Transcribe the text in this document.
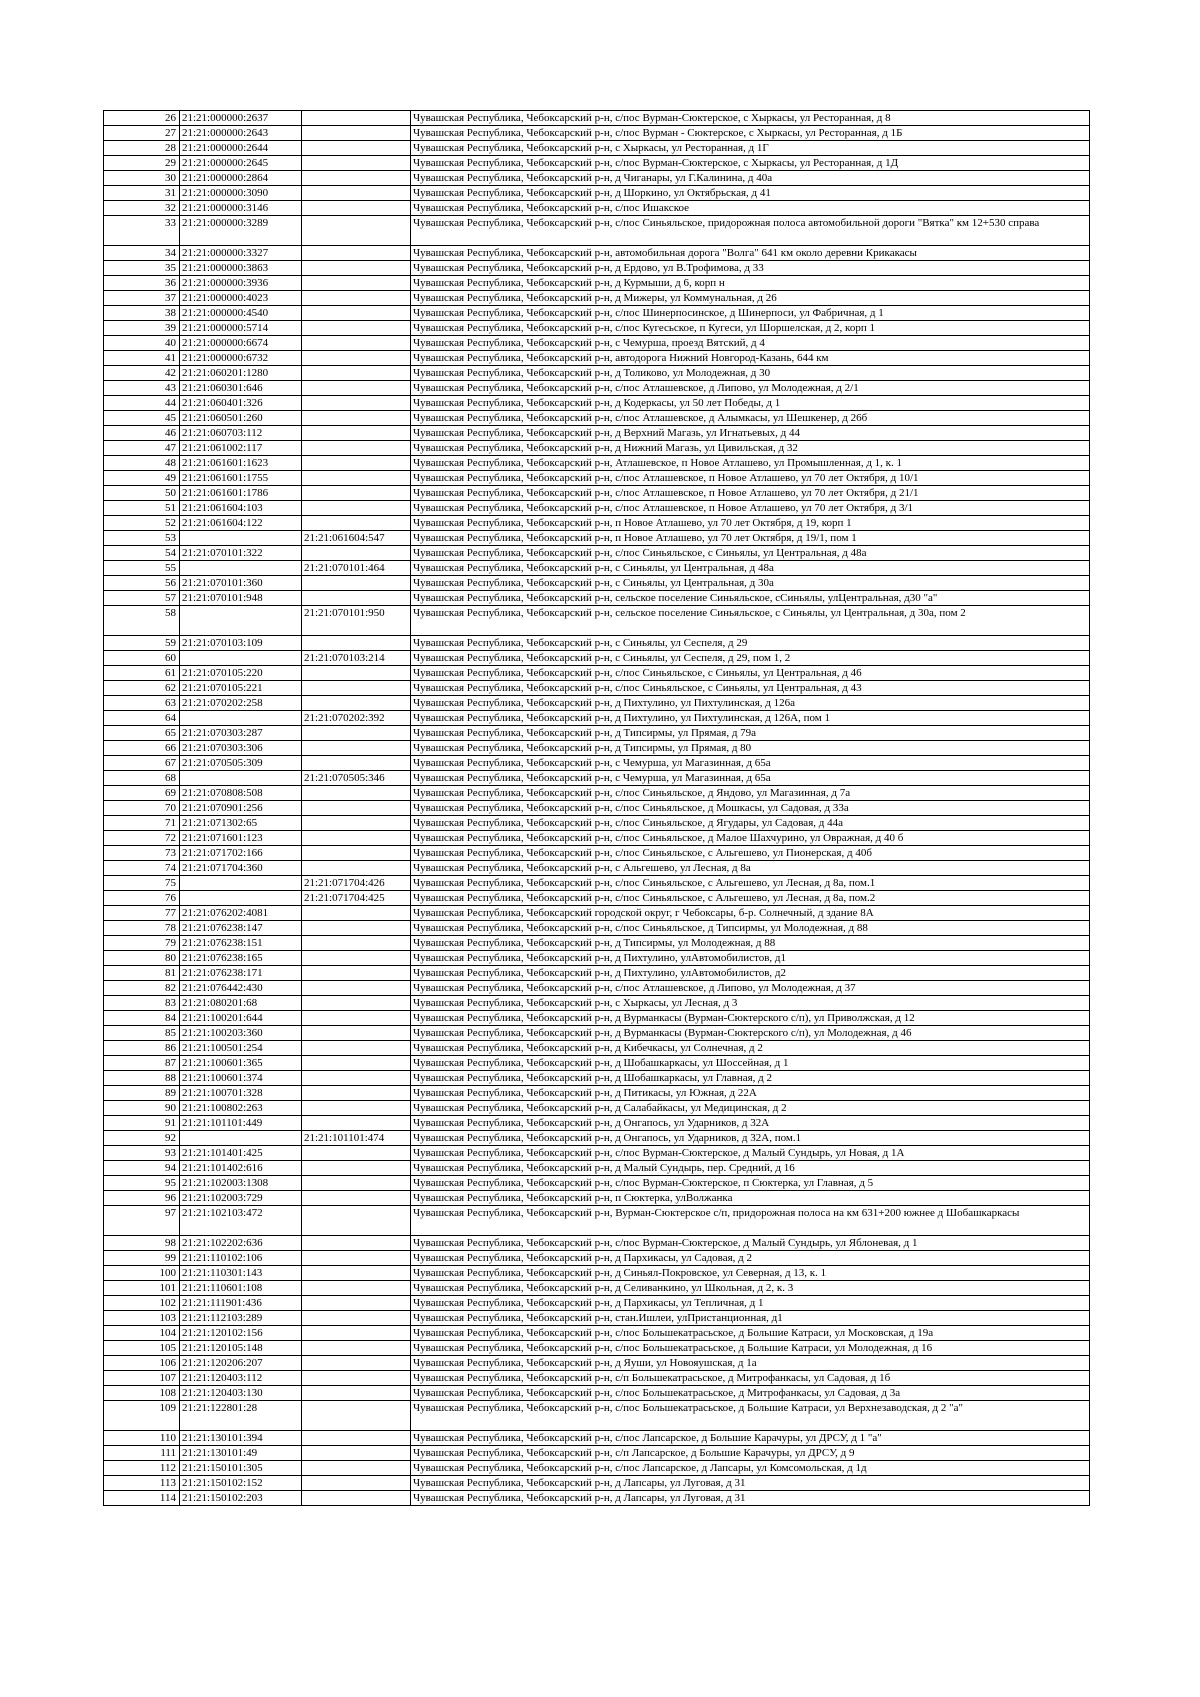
26	21:21:000000:2637		Чувашская Республика, Чебоксарский р-н, с/пос Вурман-Сюктерское, с Хыркасы, ул Ресторанная, д 8
27	21:21:000000:2643		Чувашская Республика, Чебоксарский р-н, с/пос Вурман - Сюктерское, с Хыркасы, ул Ресторанная, д 1Б
28	21:21:000000:2644		Чувашская Республика, Чебоксарский р-н, с Хыркасы, ул Ресторанная, д 1Г
29	21:21:000000:2645		Чувашская Республика, Чебоксарский р-н, с/пос Вурман-Сюктерское, с Хыркасы, ул Ресторанная, д 1Д
30	21:21:000000:2864		Чувашская Республика, Чебоксарский р-н, д Чиганары, ул Г.Калинина, д 40а
31	21:21:000000:3090		Чувашская Республика, Чебоксарский р-н, д Шоркино, ул Октябрьская, д 41
32	21:21:000000:3146		Чувашская Республика, Чебоксарский р-н, с/пос Ишакское
33	21:21:000000:3289		Чувашская Республика, Чебоксарский р-н, с/пос Синьяльское, придорожная полоса автомобильной дороги "Вятка" км 12+530 справа
34	21:21:000000:3327		Чувашская Республика, Чебоксарский р-н, автомобильная дорога "Волга" 641 км около деревни Крикакасы
35	21:21:000000:3863		Чувашская Республика, Чебоксарский р-н, д Ердово, ул В.Трофимова, д 33
36	21:21:000000:3936		Чувашская Республика, Чебоксарский р-н, д Курмыши, д 6, корп н
37	21:21:000000:4023		Чувашская Республика, Чебоксарский р-н, д Мижеры, ул Коммунальная, д 26
38	21:21:000000:4540		Чувашская Республика, Чебоксарский р-н, с/пос Шинерпосинское, д Шинерпоси, ул Фабричная, д 1
39	21:21:000000:5714		Чувашская Республика, Чебоксарский р-н, с/пос Кугесьское, п Кугеси, ул Шоршелская, д 2, корп 1
40	21:21:000000:6674		Чувашская Республика, Чебоксарский р-н, с Чемурша, проезд Вятский, д 4
41	21:21:000000:6732		Чувашская Республика, Чебоксарский р-н, автодорога Нижний Новгород-Казань, 644 км
42	21:21:060201:1280		Чувашская Республика, Чебоксарский р-н, д Толиково, ул Молодежная, д 30
43	21:21:060301:646		Чувашская Республика, Чебоксарский р-н, с/пос Атлашевское, д Липово, ул Молодежная, д 2/1
44	21:21:060401:326		Чувашская Республика, Чебоксарский р-н, д Кодеркасы, ул 50 лет Победы, д 1
45	21:21:060501:260		Чувашская Республика, Чебоксарский р-н, с/пос Атлашевское, д Алымкасы, ул Шешкенер, д 26б
46	21:21:060703:112		Чувашская Республика, Чебоксарский р-н, д Верхний Магазь, ул Игнатьевых, д 44
47	21:21:061002:117		Чувашская Республика, Чебоксарский р-н, д Нижний Магазь, ул Цивильская, д 32
48	21:21:061601:1623		Чувашская Республика, Чебоксарский р-н, Атлашевское, п Новое Атлашево, ул Промышленная, д 1, к. 1
49	21:21:061601:1755		Чувашская Республика, Чебоксарский р-н, с/пос Атлашевское, п Новое Атлашево, ул 70 лет Октября, д 10/1
50	21:21:061601:1786		Чувашская Республика, Чебоксарский р-н, с/пос Атлашевское, п Новое Атлашево, ул 70 лет Октября, д 21/1
51	21:21:061604:103		Чувашская Республика, Чебоксарский р-н, с/пос Атлашевское, п Новое Атлашево, ул 70 лет Октября, д 3/1
52	21:21:061604:122		Чувашская Республика, Чебоксарский р-н, п Новое Атлашево, ул 70 лет Октября, д 19, корп 1
53		21:21:061604:547	Чувашская Республика, Чебоксарский р-н, п Новое Атлашево, ул 70 лет Октября, д 19/1, пом 1
54	21:21:070101:322		Чувашская Республика, Чебоксарский р-н, с/пос Синьяльское, с Синьялы, ул Центральная, д 48а
55		21:21:070101:464	Чувашская Республика, Чебоксарский р-н, с Синьялы, ул Центральная, д 48а
56	21:21:070101:360		Чувашская Республика, Чебоксарский р-н, с Синьялы, ул Центральная, д 30а
57	21:21:070101:948		Чувашская Республика, Чебоксарский р-н, сельское поселение Синьяльское, сСиньялы, улЦентральная, д30 "а"
58		21:21:070101:950	Чувашская Республика, Чебоксарский р-н, сельское поселение Синьяльское, с Синьялы, ул Центральная, д 30а, пом 2
59	21:21:070103:109		Чувашская Республика, Чебоксарский р-н, с Синьялы, ул Сеспеля, д 29
60		21:21:070103:214	Чувашская Республика, Чебоксарский р-н, с Синьялы, ул Сеспеля, д 29, пом 1, 2
61	21:21:070105:220		Чувашская Республика, Чебоксарский р-н, с/пос Синьяльское, с Синьялы, ул Центральная, д 46
62	21:21:070105:221		Чувашская Республика, Чебоксарский р-н, с/пос Синьяльское, с Синьялы, ул Центральная, д 43
63	21:21:070202:258		Чувашская Республика, Чебоксарский р-н, д Пихтулино, ул Пихтулинская, д 126а
64		21:21:070202:392	Чувашская Республика, Чебоксарский р-н, д Пихтулино, ул Пихтулинская, д 126А, пом 1
65	21:21:070303:287		Чувашская Республика, Чебоксарский р-н, д Типсирмы, ул Прямая, д 79а
66	21:21:070303:306		Чувашская Республика, Чебоксарский р-н, д Типсирмы, ул Прямая, д 80
67	21:21:070505:309		Чувашская Республика, Чебоксарский р-н, с Чемурша, ул Магазинная, д 65а
68		21:21:070505:346	Чувашская Республика, Чебоксарский р-н, с Чемурша, ул Магазинная, д 65а
69	21:21:070808:508		Чувашская Республика, Чебоксарский р-н, с/пос Синьяльское, д Яндово, ул Магазинная, д 7а
70	21:21:070901:256		Чувашская Республика, Чебоксарский р-н, с/пос Синьяльское, д Мошкасы, ул Садовая, д 33а
71	21:21:071302:65		Чувашская Республика, Чебоксарский р-н, с/пос Синьяльское, д Ягудары, ул Садовая, д 44а
72	21:21:071601:123		Чувашская Республика, Чебоксарский р-н, с/пос Синьяльское, д Малое Шахчурино, ул Овражная, д 40 б
73	21:21:071702:166		Чувашская Республика, Чебоксарский р-н, с/пос Синьяльское, с Альгешево, ул Пионерская, д 40б
74	21:21:071704:360		Чувашская Республика, Чебоксарский р-н, с Альгешево, ул Лесная, д 8а
75		21:21:071704:426	Чувашская Республика, Чебоксарский р-н, с/пос Синьяльское, с Альгешево, ул Лесная, д 8а, пом.1
76		21:21:071704:425	Чувашская Республика, Чебоксарский р-н, с/пос Синьяльское, с Альгешево, ул Лесная, д 8а, пом.2
77	21:21:076202:4081		Чувашская Республика, Чебоксарский городской округ, г Чебоксары, б-р. Солнечный, д здание 8А
78	21:21:076238:147		Чувашская Республика, Чебоксарский р-н, с/пос Синьяльское, д Типсирмы, ул Молодежная, д 88
79	21:21:076238:151		Чувашская Республика, Чебоксарский р-н, д Типсирмы, ул Молодежная, д 88
80	21:21:076238:165		Чувашская Республика, Чебоксарский р-н, д Пихтулино, улАвтомобилистов, д1
81	21:21:076238:171		Чувашская Республика, Чебоксарский р-н, д Пихтулино, улАвтомобилистов, д2
82	21:21:076442:430		Чувашская Республика, Чебоксарский р-н, с/пос Атлашевское, д Липово, ул Молодежная, д 37
83	21:21:080201:68		Чувашская Республика, Чебоксарский р-н, с Хыркасы, ул Лесная, д 3
84	21:21:100201:644		Чувашская Республика, Чебоксарский р-н, д Вурманкасы (Вурман-Сюктерского с/п), ул Приволжская, д 12
85	21:21:100203:360		Чувашская Республика, Чебоксарский р-н, д Вурманкасы (Вурман-Сюктерского с/п), ул Молодежная, д 46
86	21:21:100501:254		Чувашская Республика, Чебоксарский р-н, д Кибечкасы, ул Солнечная, д 2
87	21:21:100601:365		Чувашская Республика, Чебоксарский р-н, д Шобашкаркасы, ул Шоссейная, д 1
88	21:21:100601:374		Чувашская Республика, Чебоксарский р-н, д Шобашкаркасы, ул Главная, д 2
89	21:21:100701:328		Чувашская Республика, Чебоксарский р-н, д Питикасы, ул Южная, д 22А
90	21:21:100802:263		Чувашская Республика, Чебоксарский р-н, д Салабайкасы, ул Медицинская, д 2
91	21:21:101101:449		Чувашская Республика, Чебоксарский р-н, д Онгапось, ул Ударников, д 32А
92		21:21:101101:474	Чувашская Республика, Чебоксарский р-н, д Онгапось, ул Ударников, д 32А, пом.1
93	21:21:101401:425		Чувашская Республика, Чебоксарский р-н, с/пос Вурман-Сюктерское, д Малый Сундырь, ул Новая, д 1А
94	21:21:101402:616		Чувашская Республика, Чебоксарский р-н, д Малый Сундырь, пер. Средний, д 16
95	21:21:102003:1308		Чувашская Республика, Чебоксарский р-н, с/пос Вурман-Сюктерское, п Сюктерка, ул Главная, д 5
96	21:21:102003:729		Чувашская Республика, Чебоксарский р-н, п Сюктерка, улВолжанка
97	21:21:102103:472		Чувашская Республика, Чебоксарский р-н, Вурман-Сюктерское с/п, придорожная полоса на км 631+200 южнее д Шобашкаркасы
98	21:21:102202:636		Чувашская Республика, Чебоксарский р-н, с/пос Вурман-Сюктерское, д Малый Сундырь, ул Яблоневая, д 1
99	21:21:110102:106		Чувашская Республика, Чебоксарский р-н, д Пархикасы, ул Садовая, д 2
100	21:21:110301:143		Чувашская Республика, Чебоксарский р-н, д Синьял-Покровское, ул Северная, д 13, к. 1
101	21:21:110601:108		Чувашская Республика, Чебоксарский р-н, д Селиванкино, ул Школьная, д 2, к. 3
102	21:21:111901:436		Чувашская Республика, Чебоксарский р-н, д Пархикасы, ул Тепличная, д 1
103	21:21:112103:289		Чувашская Республика, Чебоксарский р-н, стан.Ишлеи, улПристанционная, д1
104	21:21:120102:156		Чувашская Республика, Чебоксарский р-н, с/пос Большекатрасьское, д Большие Катраси, ул Московская, д 19а
105	21:21:120105:148		Чувашская Республика, Чебоксарский р-н, с/пос Большекатрасьское, д Большие Катраси, ул Молодежная, д 16
106	21:21:120206:207		Чувашская Республика, Чебоксарский р-н, д Яуши, ул Новояушская, д 1а
107	21:21:120403:112		Чувашская Республика, Чебоксарский р-н, с/п Большекатрасьское, д Митрофанкасы, ул Садовая, д 1б
108	21:21:120403:130		Чувашская Республика, Чебоксарский р-н, с/пос Большекатрасьское, д Митрофанкасы, ул Садовая, д 3а
109	21:21:122801:28		Чувашская Республика, Чебоксарский р-н, с/пос Большекатрасьское, д Большие Катраси, ул Верхнезаводская, д 2 "а"
110	21:21:130101:394		Чувашская Республика, Чебоксарский р-н, с/пос Лапсарское, д Большие Карачуры, ул ДРСУ, д 1 "а"
111	21:21:130101:49		Чувашская Республика, Чебоксарский р-н, с/п Лапсарское, д Большие Карачуры, ул ДРСУ, д 9
112	21:21:150101:305		Чувашская Республика, Чебоксарский р-н, с/пос Лапсарское, д Лапсары, ул Комсомольская, д 1д
113	21:21:150102:152		Чувашская Республика, Чебоксарский р-н, д Лапсары, ул Луговая, д 31
114	21:21:150102:203		Чувашская Республика, Чебоксарский р-н, д Лапсары, ул Луговая, д 31
